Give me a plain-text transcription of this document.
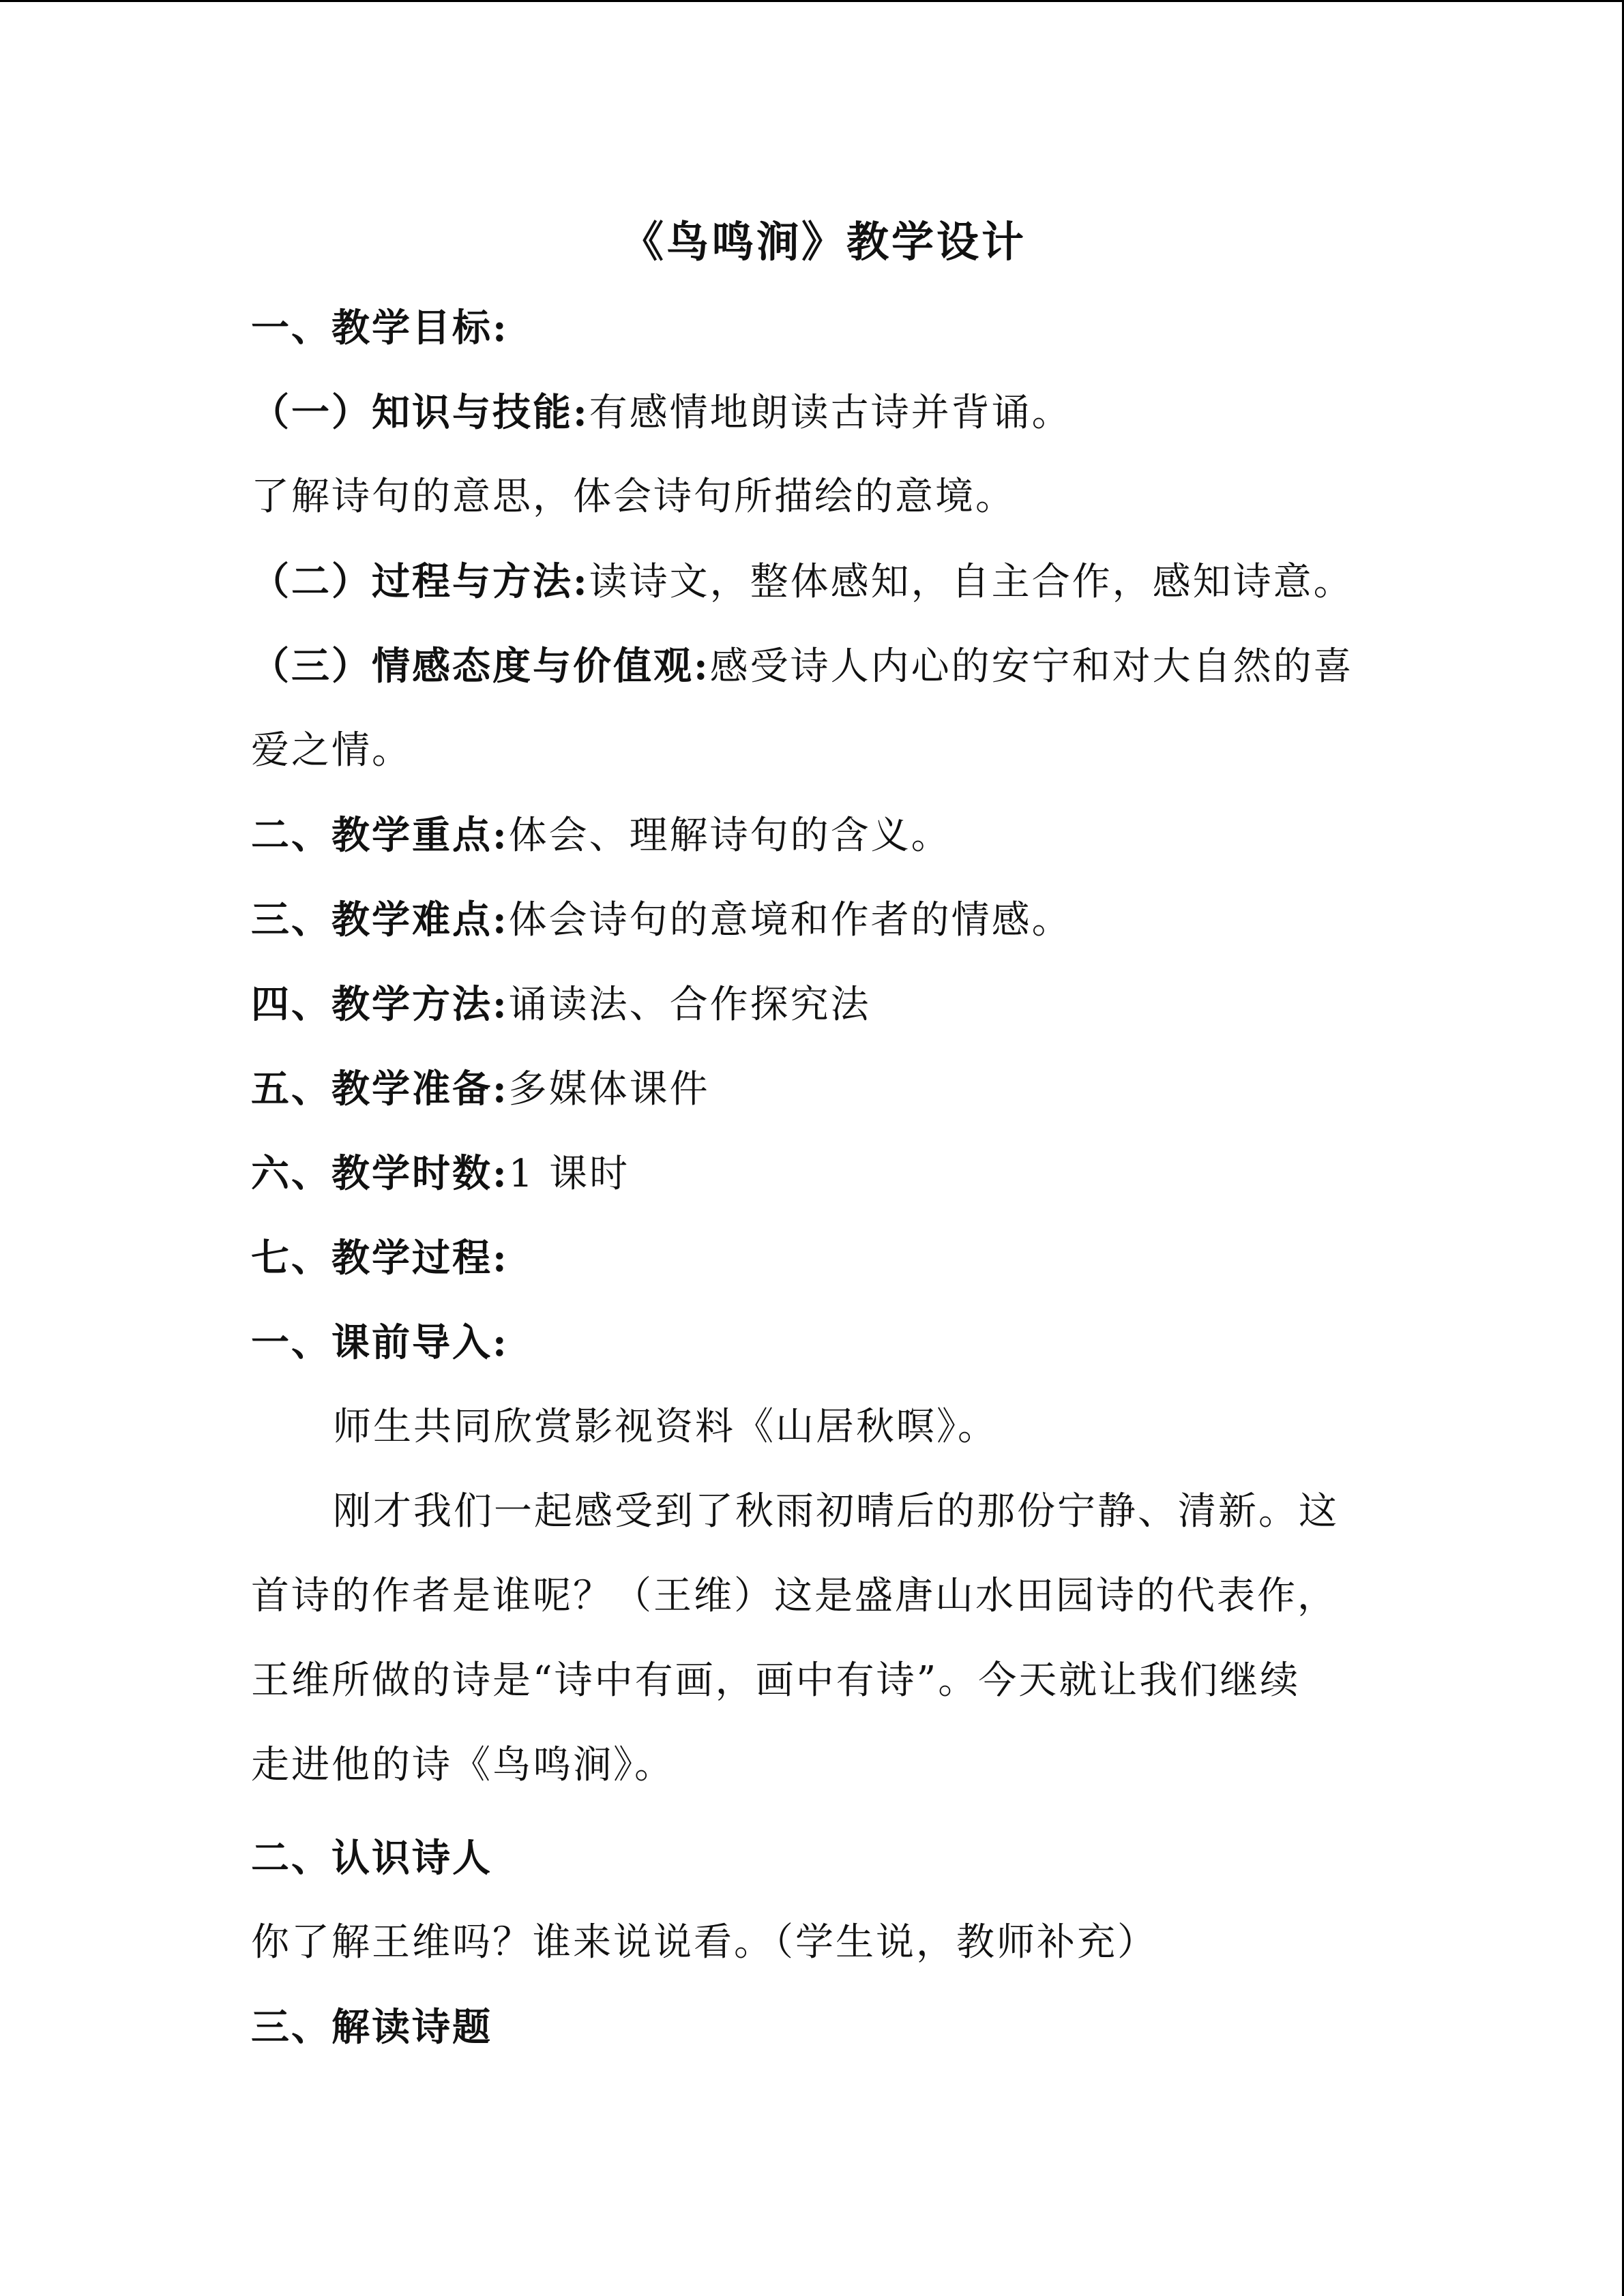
《鸟鸣涧》教学设计
一、教学目标:
（一）知识与技能:有感情地朗读古诗并背诵。
了解诗句的意思，体会诗句所描绘的意境。
（二）过程与方法:读诗文，整体感知，自主合作，感知诗意。
（三）情感态度与价值观:感受诗人内心的安宁和对大自然的喜
爱之情。
二、教学重点:体会、理解诗句的含义。
三、教学难点:体会诗句的意境和作者的情感。
四、教学方法:诵读法、合作探究法
五、教学准备:多媒体课件
六、教学时数:1 课时
七、教学过程:
一、课前导入:
师生共同欣赏影视资料《山居秋暝》。
刚才我们一起感受到了秋雨初晴后的那份宁静、清新。这
首诗的作者是谁呢？（王维）这是盛唐山水田园诗的代表作，
王维所做的诗是“诗中有画，画中有诗”。今天就让我们继续
走进他的诗《鸟鸣涧》。
二、认识诗人
你了解王维吗？谁来说说看。（学生说，教师补充）
三、解读诗题
